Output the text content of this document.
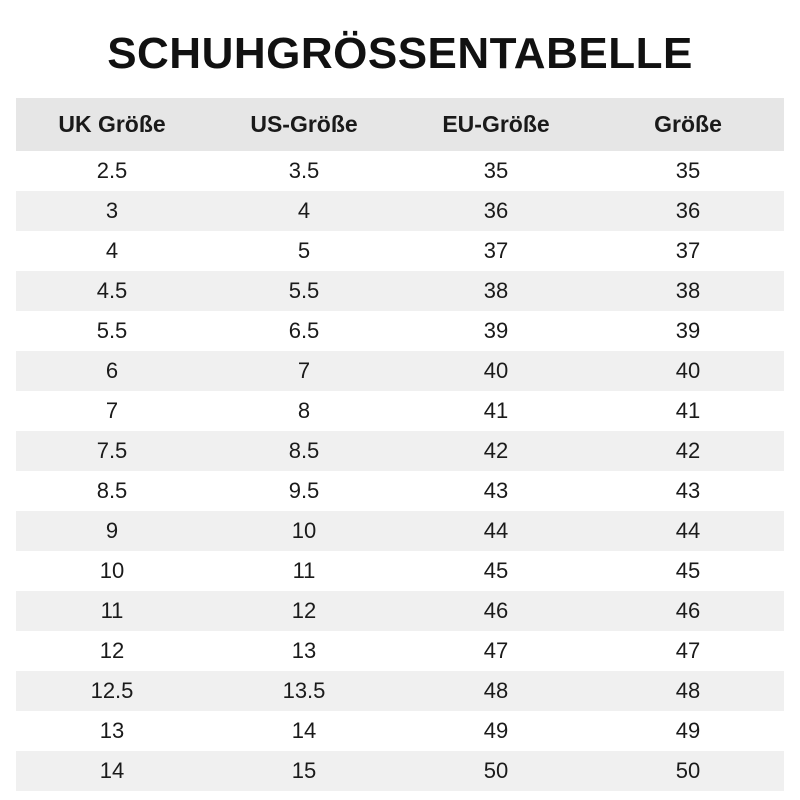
SCHUHGRÖSSENTABELLE
UK Größe	US-Größe	EU-Größe	Größe
2.5	3.5	35	35
3	4	36	36
4	5	37	37
4.5	5.5	38	38
5.5	6.5	39	39
6	7	40	40
7	8	41	41
7.5	8.5	42	42
8.5	9.5	43	43
9	10	44	44
10	11	45	45
11	12	46	46
12	13	47	47
12.5	13.5	48	48
13	14	49	49
14	15	50	50
